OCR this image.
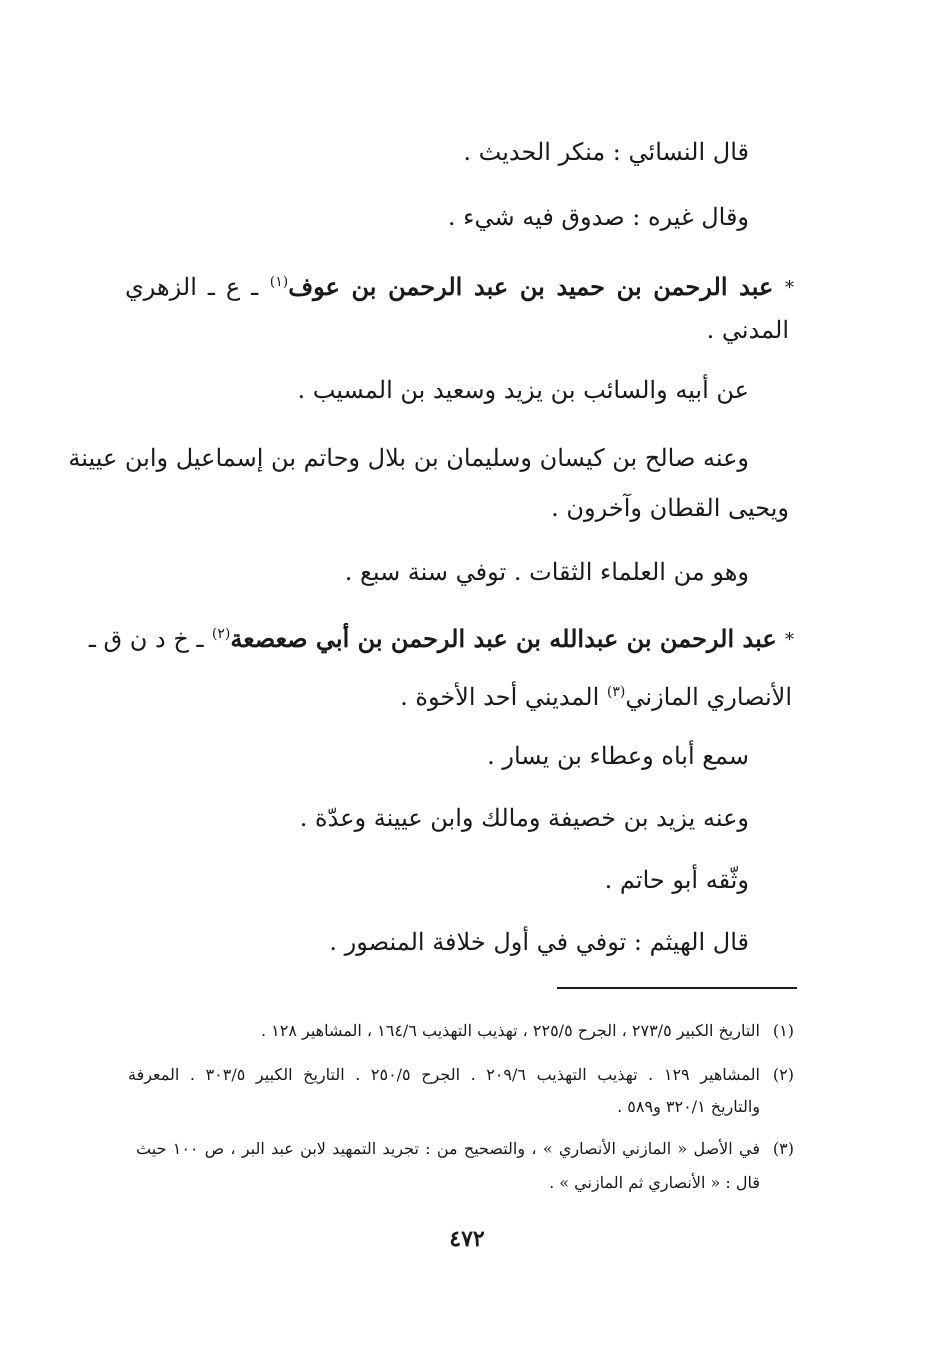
قال النسائي : منكر الحديث .

وقال غيره : صدوق فيه شيء .

* عبد الرحمن بن حميد بن عبد الرحمن بن عوف$^{(١)}$ ـ ع ـ الزهري

المدني .

عن أبيه والسائب بن يزيد وسعيد بن المسيب .

وعنه صالح بن كيسان وسليمان بن بلال وحاتم بن إسماعيل وابن عيينة

ويحيى القطان وآخرون .

وهو من العلماء الثقات . توفي سنة سبع .

* عبد الرحمن بن عبدالله بن عبد الرحمن بن أبي صعصعة$^{(٢)}$ ـ خ د ن ق ـ

الأنصاري المازني$^{(٣)}$ المديني أحد الأخوة .

سمع أباه وعطاء بن يسار .

وعنه يزيد بن خصيفة ومالك وابن عيينة وعدّة .

وثّقه أبو حاتم .

قال الهيثم : توفي في أول خلافة المنصور .

(١)التاريخ الكبير ٢٧٣/٥ ، الجرح ٢٢٥/٥ ، تهذيب التهذيب ١٦٤/٦ ، المشاهير ١٢٨ .

(٢)المشاهير ١٢٩ . تهذيب التهذيب ٢٠٩/٦ . الجرح ٢٥٠/٥ . التاريخ الكبير ٣٠٣/٥ . المعرفة

والتاريخ ٣٢٠/١ و٥٨٩ .

(٣)في الأصل « المازني الأنصاري » ، والتصحيح من : تجريد التمهيد لابن عبد البر ، ص ١٠٠ حيث

قال : « الأنصاري ثم المازني » .

٤٧٢
